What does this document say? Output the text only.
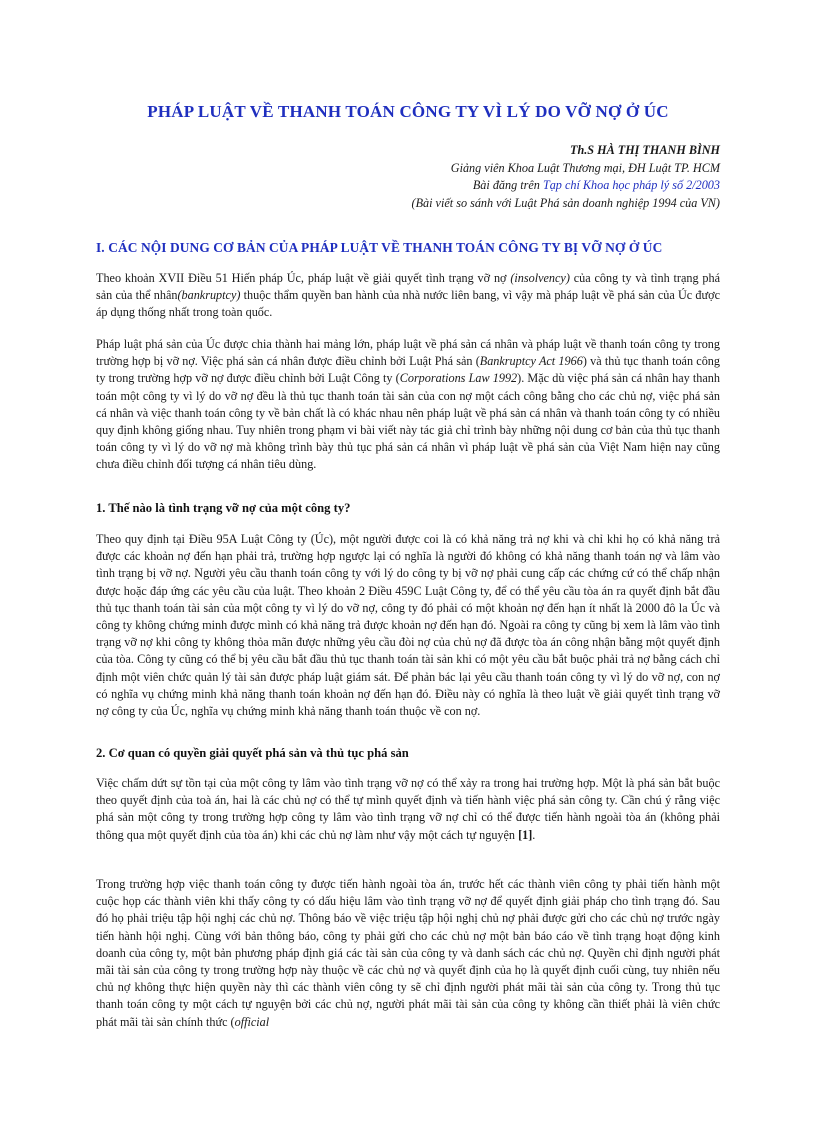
PHÁP LUẬT VỀ THANH TOÁN CÔNG TY VÌ LÝ DO VỠ NỢ Ở ÚC
Th.S HÀ THỊ THANH BÌNH
Giảng viên Khoa Luật Thương mại, ĐH Luật TP. HCM
Bài đăng trên Tạp chí Khoa học pháp lý số 2/2003
(Bài viết so sánh với Luật Phá sản doanh nghiệp 1994 của VN)
I. CÁC NỘI DUNG CƠ BẢN CỦA PHÁP LUẬT VỀ THANH TOÁN CÔNG TY BỊ VỠ NỢ Ở ÚC

Theo khoản XVII Điều 51 Hiến pháp Úc, pháp luật về giải quyết tình trạng vỡ nợ (insolvency) của công ty và tình trạng phá sản của thể nhân(bankruptcy) thuộc thẩm quyền ban hành của nhà nước liên bang, vì vậy mà pháp luật về phá sản của Úc được áp dụng thống nhất trong toàn quốc.

Pháp luật phá sản của Úc được chia thành hai mảng lớn, pháp luật về phá sản cá nhân và pháp luật về thanh toán công ty trong trường hợp bị vỡ nợ. Việc phá sản cá nhân được điều chỉnh bởi Luật Phá sản (Bankruptcy Act 1966) và thủ tục thanh toán công ty trong trường hợp vỡ nợ được điều chỉnh bởi Luật Công ty (Corporations Law 1992). Mặc dù việc phá sản cá nhân hay thanh toán một công ty vì lý do vỡ nợ đều là thủ tục thanh toán tài sản của con nợ một cách công bằng cho các chủ nợ, việc phá sản cá nhân và việc thanh toán công ty về bản chất là có khác nhau nên pháp luật về phá sản cá nhân và thanh toán công ty có nhiều quy định không giống nhau. Tuy nhiên trong phạm vi bài viết này tác giả chỉ trình bày những nội dung cơ bản của thủ tục thanh toán công ty vì lý do vỡ nợ mà không trình bày thủ tục phá sản cá nhân vì pháp luật về phá sản của Việt Nam hiện nay cũng chưa điều chỉnh đối tượng cá nhân tiêu dùng.

1. Thế nào là tình trạng vỡ nợ của một công ty?

Theo quy định tại Điều 95A Luật Công ty (Úc), một người được coi là có khả năng trả nợ khi và chỉ khi họ có khả năng trả được các khoản nợ đến hạn phải trả, trường hợp ngược lại có nghĩa là người đó không có khả năng thanh toán nợ và lâm vào tình trạng bị vỡ nợ. Người yêu cầu thanh toán công ty với lý do công ty bị vỡ nợ phải cung cấp các chứng cứ có thể chấp nhận được hoặc đáp ứng các yêu cầu của luật. Theo khoản 2 Điều 459C Luật Công ty, để có thể yêu cầu tòa án ra quyết định bắt đầu thủ tục thanh toán tài sản của một công ty vì lý do vỡ nợ, công ty đó phải có một khoản nợ đến hạn ít nhất là 2000 đô la Úc và công ty không chứng minh được mình có khả năng trả được khoản nợ đến hạn đó. Ngoài ra công ty cũng bị xem là lâm vào tình trạng vỡ nợ khi công ty không thỏa mãn được những yêu cầu đòi nợ của chủ nợ đã được tòa án công nhận bằng một quyết định của tòa. Công ty cũng có thể bị yêu cầu bắt đầu thủ tục thanh toán tài sản khi có một yêu cầu bắt buộc phải trả nợ bằng cách chỉ định một viên chức quản lý tài sản được pháp luật giám sát. Để phản bác lại yêu cầu thanh toán công ty vì lý do vỡ nợ, con nợ có nghĩa vụ chứng minh khả năng thanh toán khoản nợ đến hạn đó. Điều này có nghĩa là theo luật về giải quyết tình trạng vỡ nợ công ty của Úc, nghĩa vụ chứng minh khả năng thanh toán thuộc về con nợ.

2. Cơ quan có quyền giải quyết phá sản và thủ tục phá sản

Việc chấm dứt sự tồn tại của một công ty lâm vào tình trạng vỡ nợ có thể xảy ra trong hai trường hợp. Một là phá sản bắt buộc theo quyết định của toà án, hai là các chủ nợ có thể tự mình quyết định và tiến hành việc phá sản công ty. Cần chú ý rằng việc phá sản một công ty trong trường hợp công ty lâm vào tình trạng vỡ nợ chỉ có thể được tiến hành ngoài tòa án (không phải thông qua một quyết định của tòa án) khi các chủ nợ làm như vậy một cách tự nguyện [1].

Trong trường hợp việc thanh toán công ty được tiến hành ngoài tòa án, trước hết các thành viên công ty phải tiến hành một cuộc họp các thành viên khi thấy công ty có dấu hiệu lâm vào tình trạng vỡ nợ để quyết định giải pháp cho tình trạng đó. Sau đó họ phải triệu tập hội nghị các chủ nợ. Thông báo về việc triệu tập hội nghị chủ nợ phải được gửi cho các chủ nợ trước ngày tiến hành hội nghị. Cùng với bản thông báo, công ty phải gửi cho các chủ nợ một bản báo cáo về tình trạng hoạt động kinh doanh của công ty, một bản phương pháp định giá các tài sản của công ty và danh sách các chủ nợ. Quyền chỉ định người phát mãi tài sản của công ty trong trường hợp này thuộc về các chủ nợ và quyết định của họ là quyết định cuối cùng, tuy nhiên nếu chủ nợ không thực hiện quyền này thì các thành viên công ty sẽ chỉ định người phát mãi tài sản của công ty. Trong thủ tục thanh toán công ty một cách tự nguyện bởi các chủ nợ, người phát mãi tài sản của công ty không cần thiết phải là viên chức phát mãi tài sản chính thức (official
